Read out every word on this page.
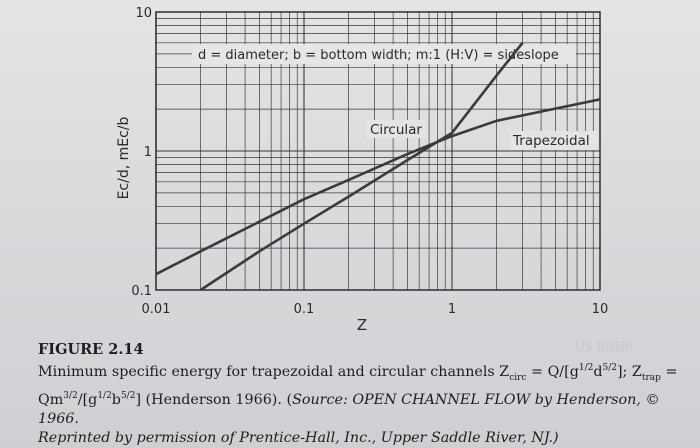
d = diameter; b = bottom width; m:1 (H:V) = sideslope
Circular
Trapezoidal
0.01	0.1	1	10
0.1
1
10
Z
Ec/d, mEc/b
US BRNR
FIGURE 2.14
Minimum specific energy for trapezoidal and circular channels $Z_{circ} = Q/[g^{1/2}d^{5/2}]$; $Z_{trap}$ =
$Qm^{3/2}/[g^{1/2}b^{5/2}]$ (Henderson 1966). (Source: OPEN CHANNEL FLOW by Henderson, © 1966.
Reprinted by permission of Prentice-Hall, Inc., Upper Saddle River, NJ.)
